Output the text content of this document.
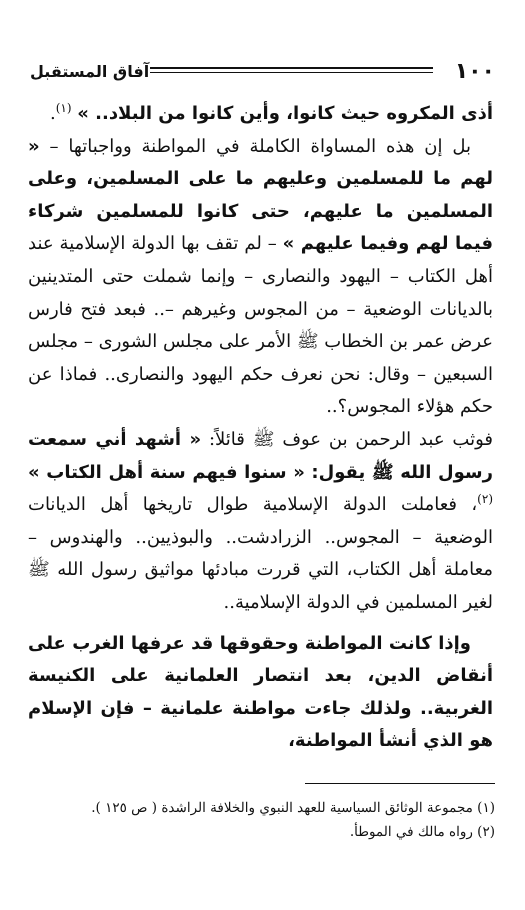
١٠٠
آفاق المستقبل

أذى المكروه حيث كانوا، وأين كانوا من البلاد.. » $^{(١)}$.

بل إن هذه المساواة الكاملة في المواطنة وواجباتها – « لهم ما للمسلمين وعليهم ما على المسلمين، وعلى المسلمين ما عليهم، حتى كانوا للمسلمين شركاء فيما لهم وفيما عليهم » – لم تقف بها الدولة الإسلامية عند أهل الكتاب – اليهود والنصارى – وإنما شملت حتى المتدينين بالديانات الوضعية – من المجوس وغيرهم –.. فبعد فتح فارس عرض عمر بن الخطاب ﷺ الأمر على مجلس الشورى – مجلس السبعين – وقال: نحن نعرف حكم اليهود والنصارى.. فماذا عن حكم هؤلاء المجوس؟..

فوثب عبد الرحمن بن عوف ﷺ قائلاً: « أشهد أني سمعت رسول الله ﷺ يقول: « سنوا فيهم سنة أهل الكتاب » $^{(٢)}$، فعاملت الدولة الإسلامية طوال تاريخها أهل الديانات الوضعية – المجوس.. الزرادشت.. والبوذيين.. والهندوس – معاملة أهل الكتاب، التي قررت مبادئها مواثيق رسول الله ﷺ لغير المسلمين في الدولة الإسلامية..

وإذا كانت المواطنة وحقوقها قد عرفها الغرب على أنقاض الدين، بعد انتصار العلمانية على الكنيسة الغربية.. ولذلك جاءت مواطنة علمانية – فإن الإسلام هو الذي أنشأ المواطنة،

(١) مجموعة الوثائق السياسية للعهد النبوي والخلافة الراشدة ( ص ١٢٥ ).

(٢) رواه مالك في الموطأ.
